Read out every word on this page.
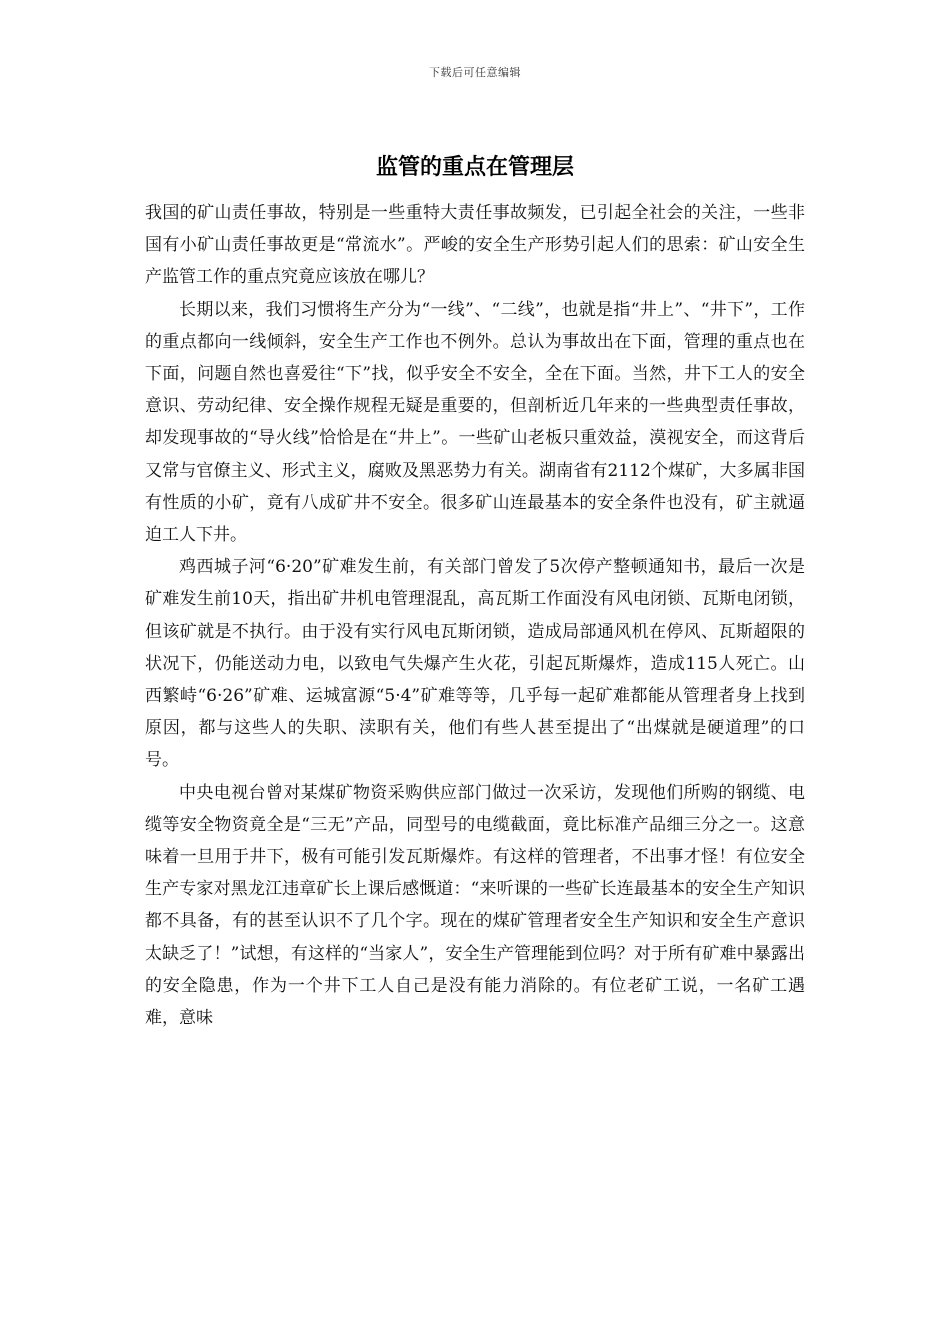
下载后可任意编辑
监管的重点在管理层

我国的矿山责任事故，特别是一些重特大责任事故频发，已引起全社会的关注，一些非国有小矿山责任事故更是“常流水”。严峻的安全生产形势引起人们的思索：矿山安全生产监管工作的重点究竟应该放在哪儿？

长期以来，我们习惯将生产分为“一线”、“二线”，也就是指“井上”、“井下”，工作的重点都向一线倾斜，安全生产工作也不例外。总认为事故出在下面，管理的重点也在下面，问题自然也喜爱往“下”找，似乎安全不安全，全在下面。当然，井下工人的安全意识、劳动纪律、安全操作规程无疑是重要的，但剖析近几年来的一些典型责任事故，却发现事故的“导火线”恰恰是在“井上”。一些矿山老板只重效益，漠视安全，而这背后又常与官僚主义、形式主义，腐败及黑恶势力有关。湖南省有2112个煤矿，大多属非国有性质的小矿，竟有八成矿井不安全。很多矿山连最基本的安全条件也没有，矿主就逼迫工人下井。

鸡西城子河“6·20”矿难发生前，有关部门曾发了5次停产整顿通知书，最后一次是矿难发生前10天，指出矿井机电管理混乱，高瓦斯工作面没有风电闭锁、瓦斯电闭锁，但该矿就是不执行。由于没有实行风电瓦斯闭锁，造成局部通风机在停风、瓦斯超限的状况下，仍能送动力电，以致电气失爆产生火花，引起瓦斯爆炸，造成115人死亡。山西繁峙“6·26”矿难、运城富源“5·4”矿难等等，几乎每一起矿难都能从管理者身上找到原因，都与这些人的失职、渎职有关，他们有些人甚至提出了“出煤就是硬道理”的口号。

中央电视台曾对某煤矿物资采购供应部门做过一次采访，发现他们所购的钢缆、电缆等安全物资竟全是“三无”产品，同型号的电缆截面，竟比标准产品细三分之一。这意味着一旦用于井下，极有可能引发瓦斯爆炸。有这样的管理者，不出事才怪！有位安全生产专家对黑龙江违章矿长上课后感慨道：“来听课的一些矿长连最基本的安全生产知识都不具备，有的甚至认识不了几个字。现在的煤矿管理者安全生产知识和安全生产意识太缺乏了！”试想，有这样的“当家人”，安全生产管理能到位吗？对于所有矿难中暴露出的安全隐患，作为一个井下工人自己是没有能力消除的。有位老矿工说，一名矿工遇难，意味
